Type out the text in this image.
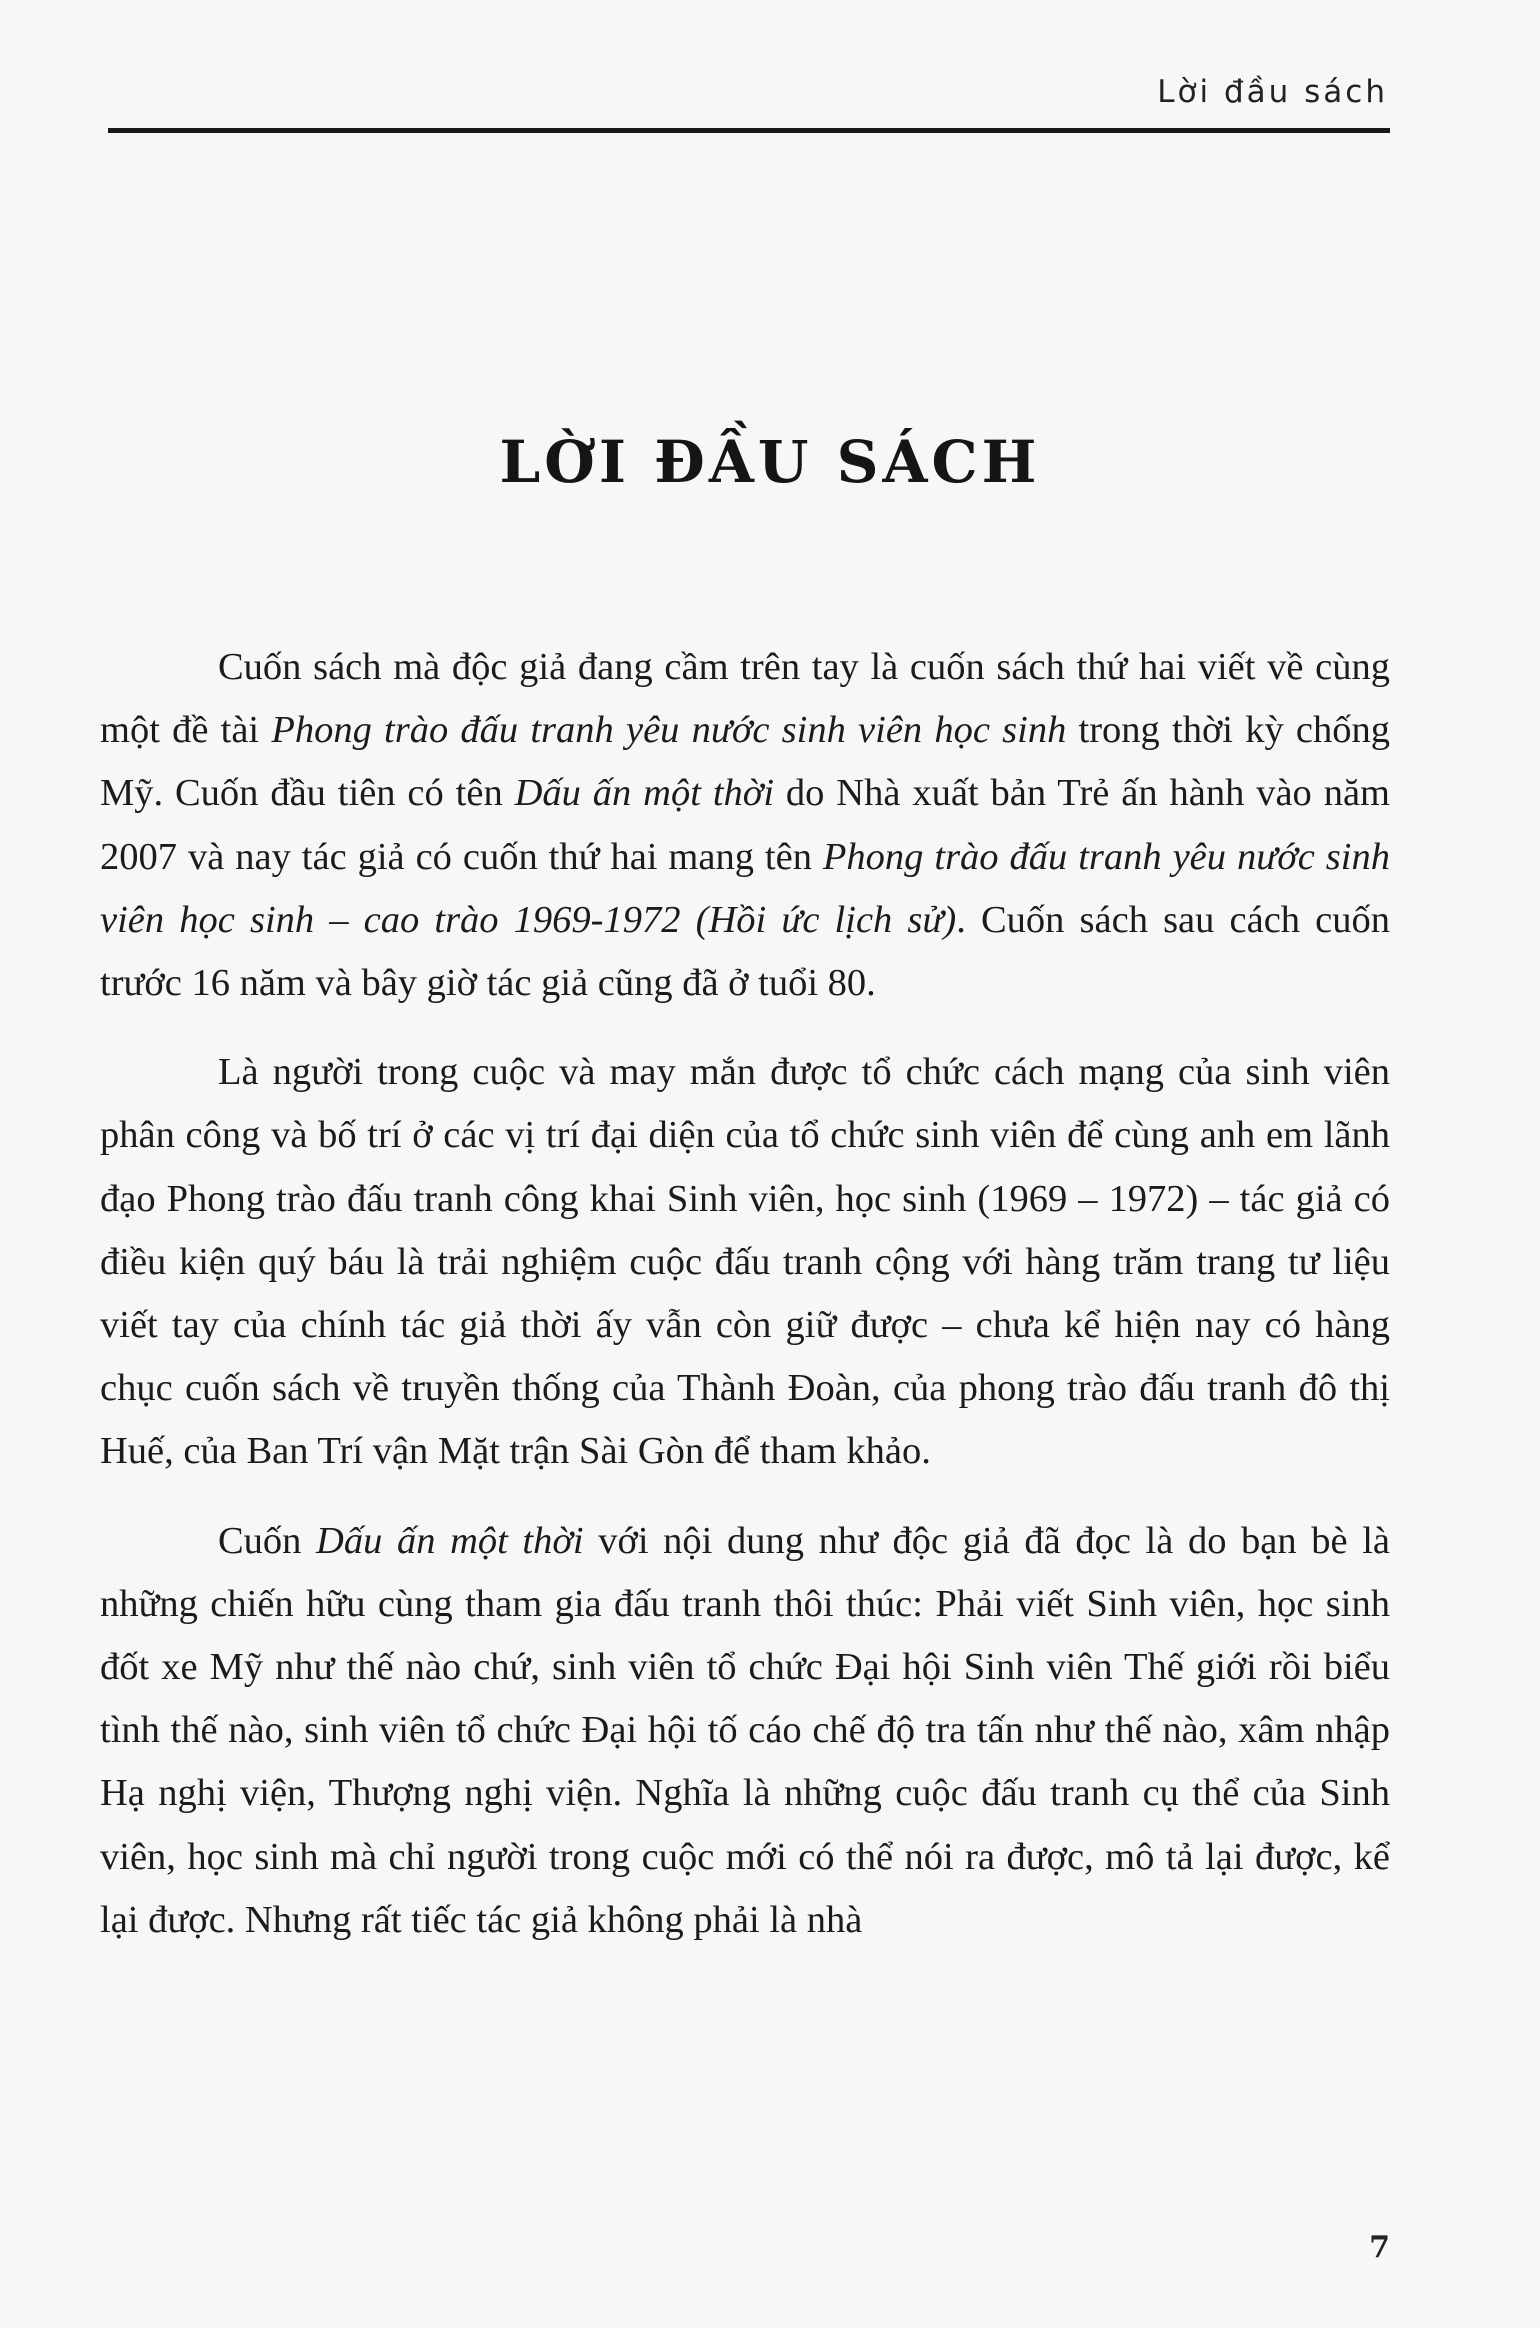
Lời đầu sách
LỜI ĐẦU SÁCH

Cuốn sách mà độc giả đang cầm trên tay là cuốn sách thứ hai viết về cùng một đề tài Phong trào đấu tranh yêu nước sinh viên học sinh trong thời kỳ chống Mỹ. Cuốn đầu tiên có tên Dấu ấn một thời do Nhà xuất bản Trẻ ấn hành vào năm 2007 và nay tác giả có cuốn thứ hai mang tên Phong trào đấu tranh yêu nước sinh viên học sinh – cao trào 1969-1972 (Hồi ức lịch sử). Cuốn sách sau cách cuốn trước 16 năm và bây giờ tác giả cũng đã ở tuổi 80.

Là người trong cuộc và may mắn được tổ chức cách mạng của sinh viên phân công và bố trí ở các vị trí đại diện của tổ chức sinh viên để cùng anh em lãnh đạo Phong trào đấu tranh công khai Sinh viên, học sinh (1969 – 1972) – tác giả có điều kiện quý báu là trải nghiệm cuộc đấu tranh cộng với hàng trăm trang tư liệu viết tay của chính tác giả thời ấy vẫn còn giữ được – chưa kể hiện nay có hàng chục cuốn sách về truyền thống của Thành Đoàn, của phong trào đấu tranh đô thị Huế, của Ban Trí vận Mặt trận Sài Gòn để tham khảo.

Cuốn Dấu ấn một thời với nội dung như độc giả đã đọc là do bạn bè là những chiến hữu cùng tham gia đấu tranh thôi thúc: Phải viết Sinh viên, học sinh đốt xe Mỹ như thế nào chứ, sinh viên tổ chức Đại hội Sinh viên Thế giới rồi biểu tình thế nào, sinh viên tổ chức Đại hội tố cáo chế độ tra tấn như thế nào, xâm nhập Hạ nghị viện, Thượng nghị viện. Nghĩa là những cuộc đấu tranh cụ thể của Sinh viên, học sinh mà chỉ người trong cuộc mới có thể nói ra được, mô tả lại được, kể lại được. Nhưng rất tiếc tác giả không phải là nhà

7
